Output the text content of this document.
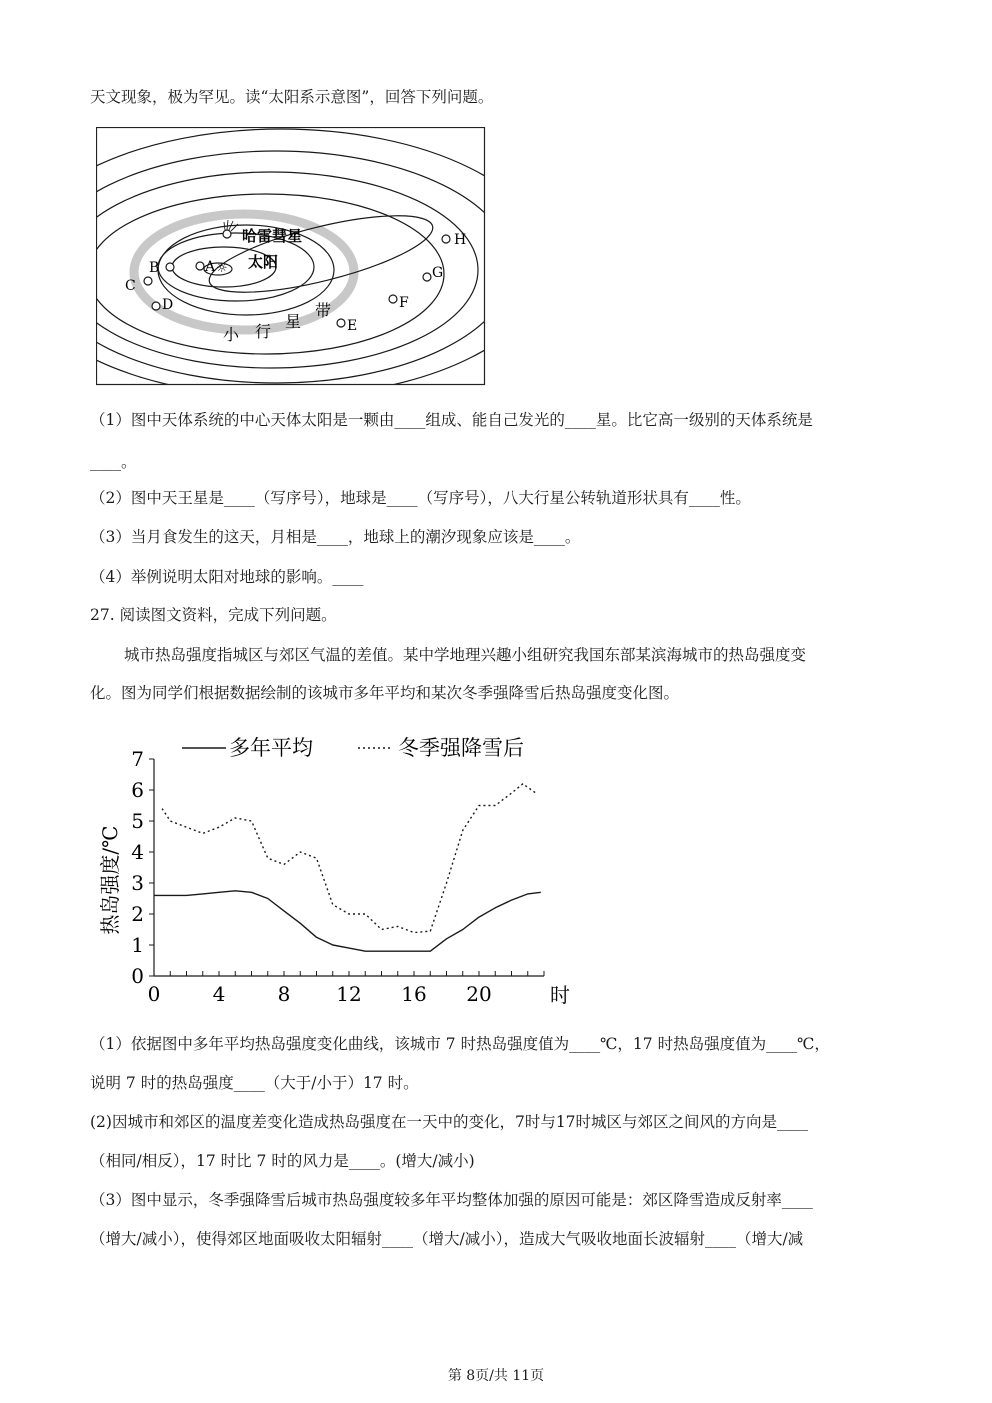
天文现象，极为罕见。读“太阳系示意图”，回答下列问题。
A ☼ 太阳
哈雷彗星
B
C
D
E
F
G
H
小 行
星
带
（1）图中天体系统的中心天体太阳是一颗由____组成、能自己发光的____星。比它高一级别的天体系统是
____。
（2）图中天王星是____（写序号），地球是____（写序号），八大行星公转轨道形状具有____性。
（3）当月食发生的这天，月相是____，地球上的潮汐现象应该是____。
（4）举例说明太阳对地球的影响。____
27. 阅读图文资料，完成下列问题。
城市热岛强度指城区与郊区气温的差值。某中学地理兴趣小组研究我国东部某滨海城市的热岛强度变
化。图为同学们根据数据绘制的该城市多年平均和某次冬季强降雪后热岛强度变化图。
多年平均	冬季强降雪后
热岛强度/℃
时
0
1
2
3
4
5
6
7
0	4	8 12 16 20
（1）依据图中多年平均热岛强度变化曲线，该城市 7 时热岛强度值为____℃，17 时热岛强度值为____℃，
说明 7 时的热岛强度____（大于/小于）17 时。
(2)因城市和郊区的温度差变化造成热岛强度在一天中的变化，7时与17时城区与郊区之间风的方向是____
（相同/相反），17 时比 7 时的风力是____。(增大/减小)
（3）图中显示，冬季强降雪后城市热岛强度较多年平均整体加强的原因可能是：郊区降雪造成反射率____
（增大/减小），使得郊区地面吸收太阳辐射____（增大/减小），造成大气吸收地面长波辐射____（增大/减
第 8页/共 11页
